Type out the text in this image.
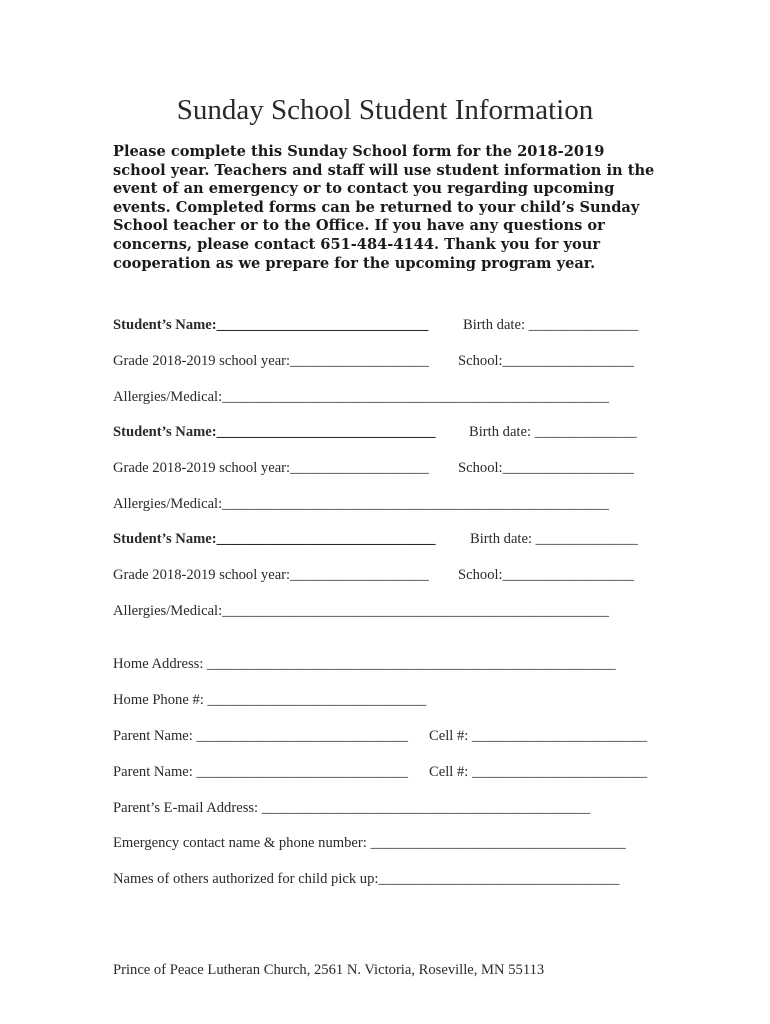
Sunday School Student Information
Please complete this Sunday School form for the 2018-2019 school year. Teachers and staff will use student information in the event of an emergency or to contact you regarding upcoming events. Completed forms can be returned to your child’s Sunday School teacher or to the Office. If you have any questions or concerns, please contact 651-484-4144. Thank you for your cooperation as we prepare for the upcoming program year.
Student’s Name:_____________________________ Birth date: _______________
Grade 2018-2019 school year:___________________ School:__________________
Allergies/Medical:_____________________________________________________
Student’s Name:______________________________ Birth date: ______________
Grade 2018-2019 school year:___________________ School:__________________
Allergies/Medical:_____________________________________________________
Student’s Name:______________________________ Birth date: ______________
Grade 2018-2019 school year:___________________ School:__________________
Allergies/Medical:_____________________________________________________
Home Address: ________________________________________________________
Home Phone #: ______________________________
Parent Name: _____________________________ Cell #: ________________________
Parent Name: _____________________________ Cell #: ________________________
Parent’s E-mail Address: _____________________________________________
Emergency contact name & phone number: ___________________________________
Names of others authorized for child pick up:_________________________________
Prince of Peace Lutheran Church, 2561 N. Victoria, Roseville, MN 55113
